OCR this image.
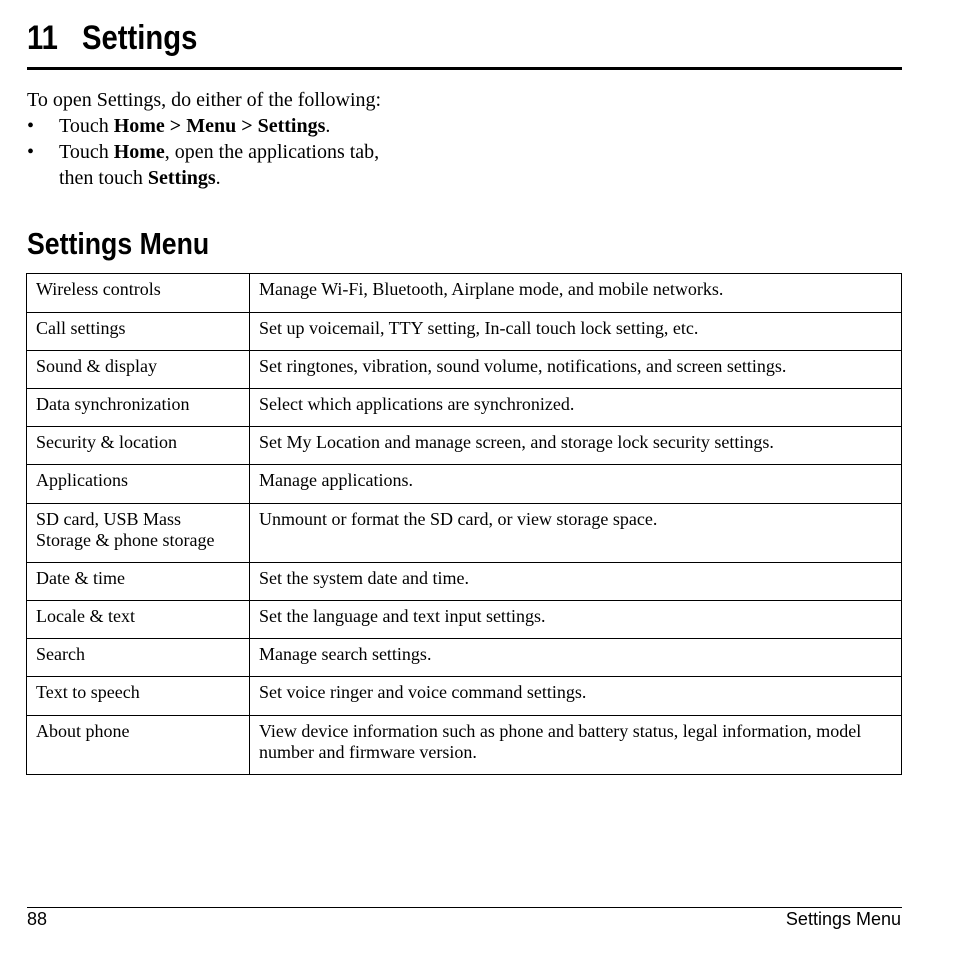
11 Settings
To open Settings, do either of the following:
• Touch Home > Menu > Settings.
• Touch Home, open the applications tab,
then touch Settings.
Settings Menu
Wireless controls	Manage Wi-Fi, Bluetooth, Airplane mode, and mobile networks.
Call settings	Set up voicemail, TTY setting, In-call touch lock setting, etc.
Sound & display	Set ringtones, vibration, sound volume, notifications, and screen settings.
Data synchronization	Select which applications are synchronized.
Security & location	Set My Location and manage screen, and storage lock security settings.
Applications	Manage applications.
SD card, USB Mass
Storage & phone storage	Unmount or format the SD card, or view storage space.
Date & time	Set the system date and time.
Locale & text	Set the language and text input settings.
Search	Manage search settings.
Text to speech	Set voice ringer and voice command settings.
About phone	View device information such as phone and battery status, legal information, model number and firmware version.
88	Settings Menu
